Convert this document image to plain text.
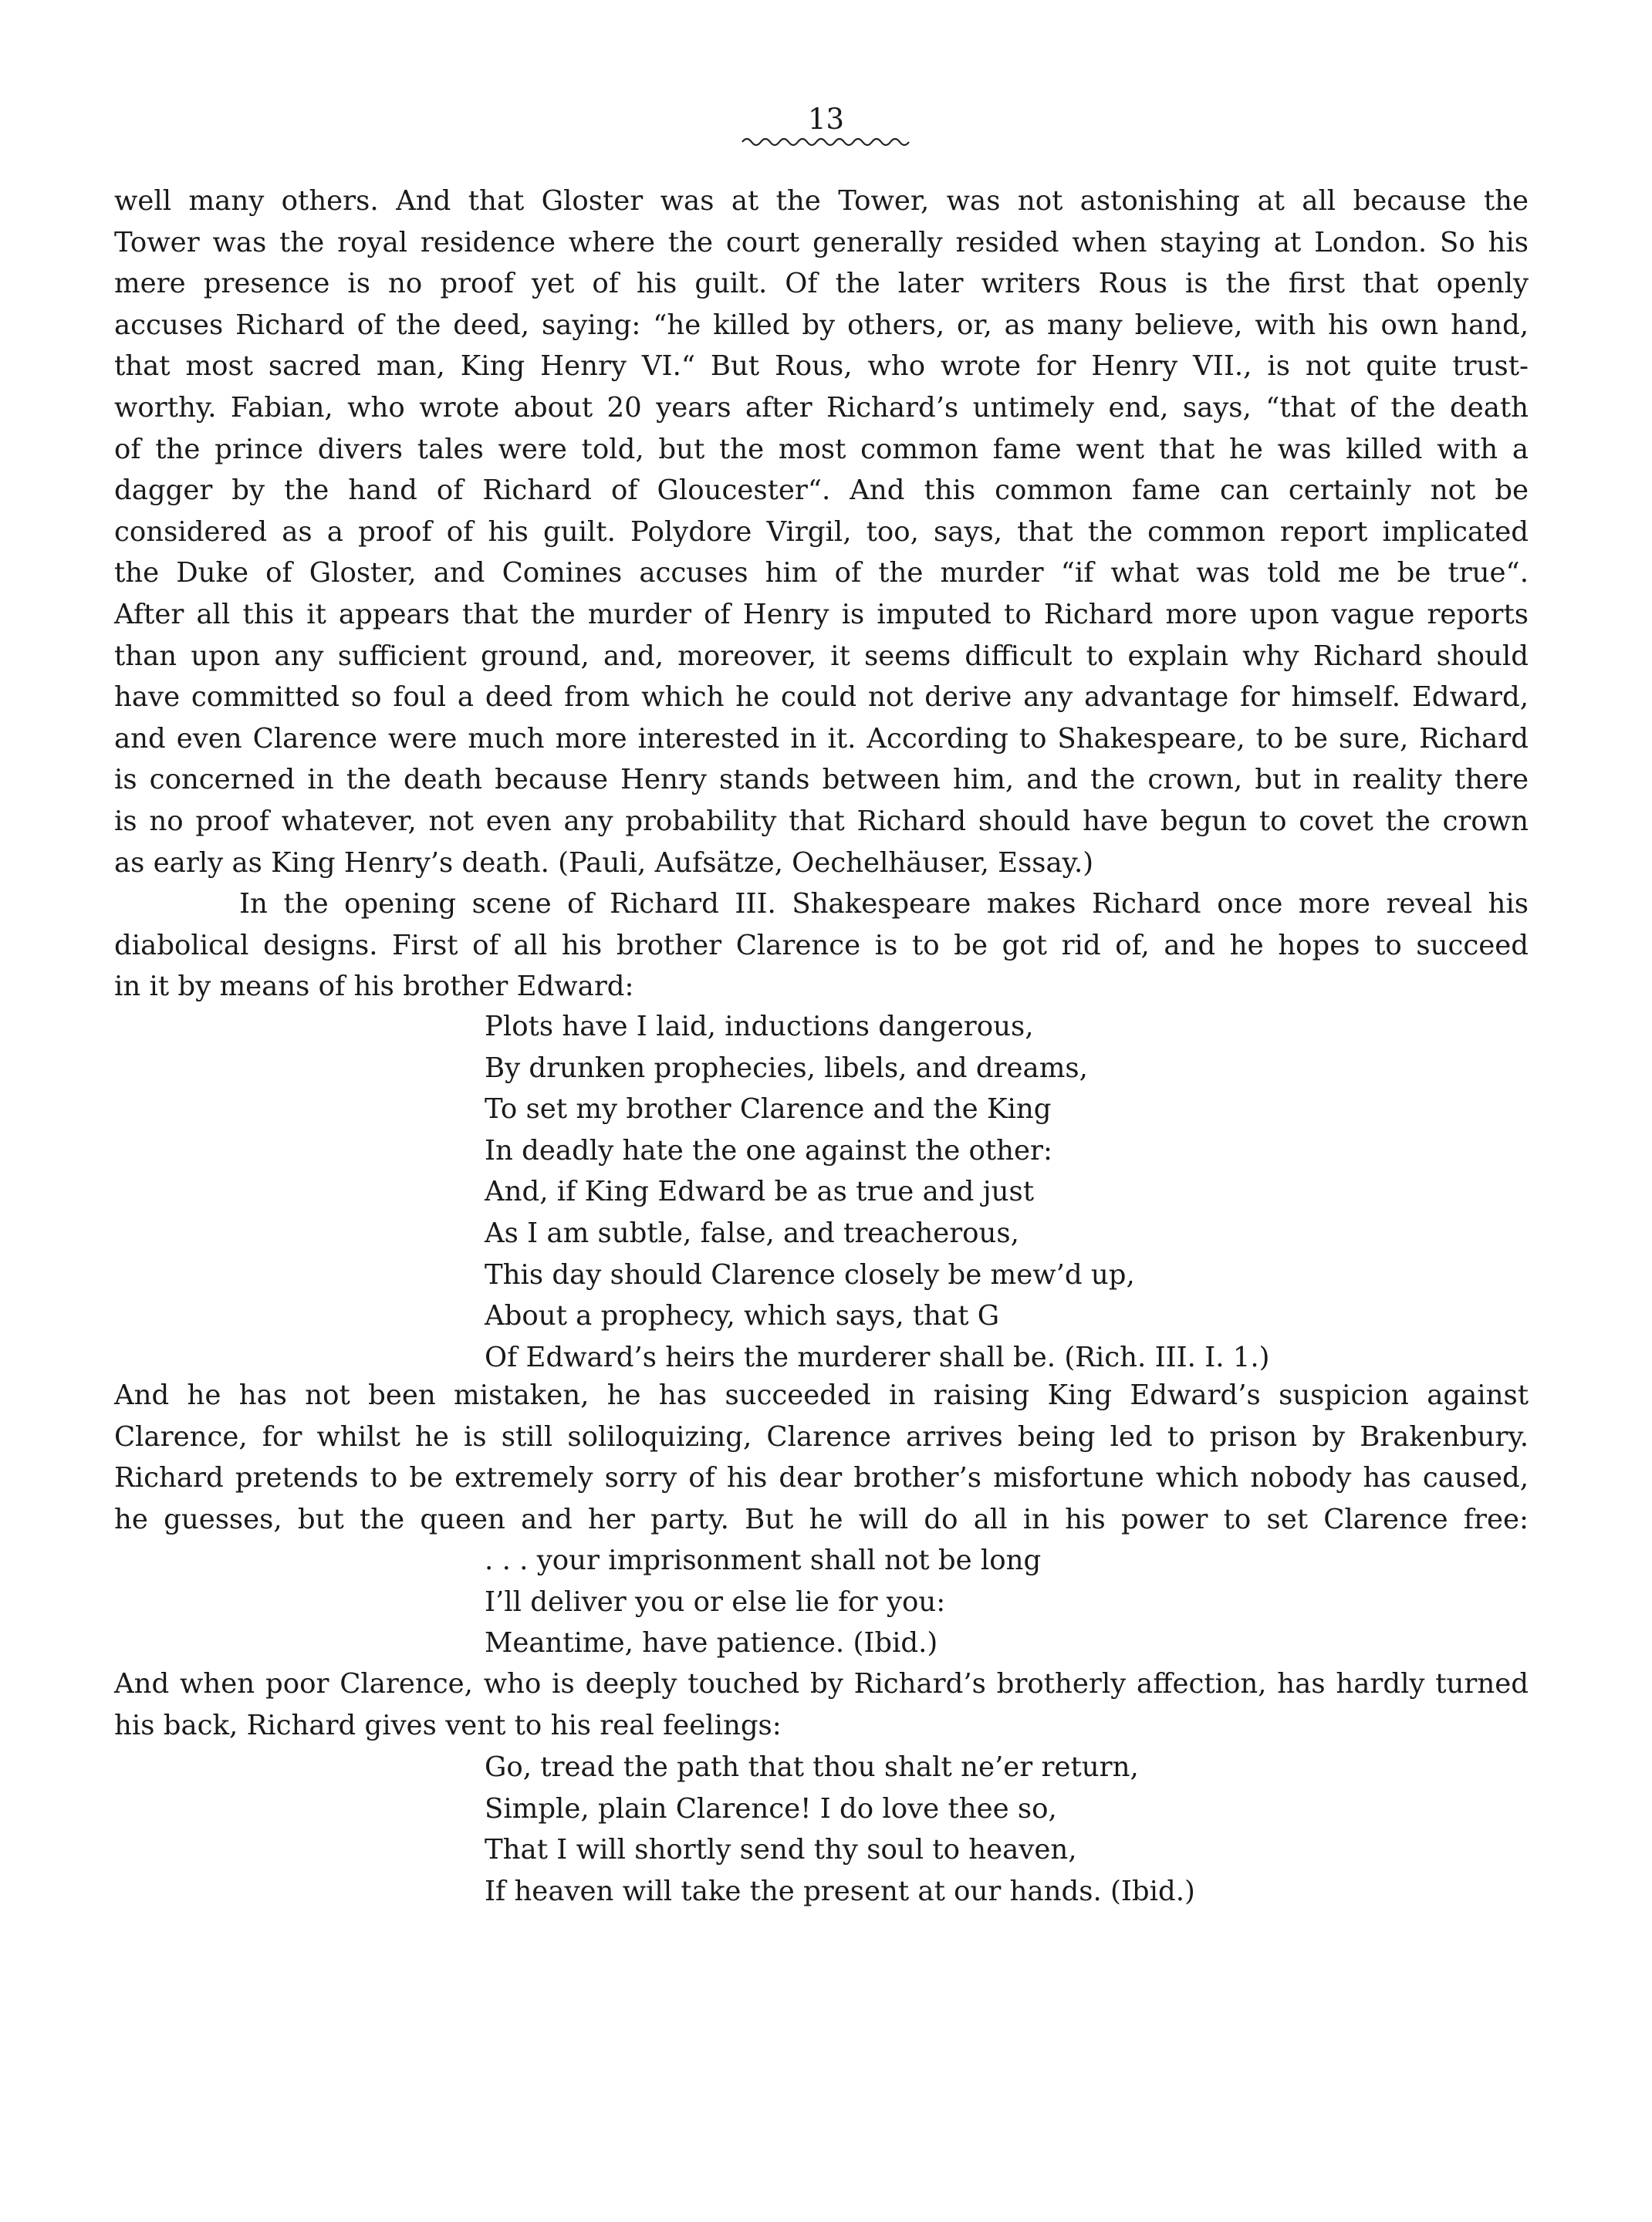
13
well many others. And that Gloster was at the Tower, was not astonishing at all because the
Tower was the royal residence where the court generally resided when staying at London. So his
mere presence is no proof yet of his guilt. Of the later writers Rous is the first that openly
accuses Richard of the deed, saying: “he killed by others, or, as many believe, with his own hand,
that most sacred man, King Henry VI.“ But Rous, who wrote for Henry VII., is not quite trust-
worthy. Fabian, who wrote about 20 years after Richard’s untimely end, says, “that of the death
of the prince divers tales were told, but the most common fame went that he was killed with a
dagger by the hand of Richard of Gloucester“. And this common fame can certainly not be
considered as a proof of his guilt. Polydore Virgil, too, says, that the common report implicated
the Duke of Gloster, and Comines accuses him of the murder “if what was told me be true“.
After all this it appears that the murder of Henry is imputed to Richard more upon vague reports
than upon any sufficient ground, and, moreover, it seems difficult to explain why Richard should
have committed so foul a deed from which he could not derive any advantage for himself. Edward,
and even Clarence were much more interested in it. According to Shakespeare, to be sure, Richard
is concerned in the death because Henry stands between him, and the crown, but in reality there
is no proof whatever, not even any probability that Richard should have begun to covet the crown
as early as King Henry’s death. (Pauli, Aufsätze, Oechelhäuser, Essay.)
In the opening scene of Richard III. Shakespeare makes Richard once more reveal his
diabolical designs. First of all his brother Clarence is to be got rid of, and he hopes to succeed
in it by means of his brother Edward:
Plots have I laid, inductions dangerous,
By drunken prophecies, libels, and dreams,
To set my brother Clarence and the King
In deadly hate the one against the other:
And, if King Edward be as true and just
As I am subtle, false, and treacherous,
This day should Clarence closely be mew’d up,
About a prophecy, which says, that G
Of Edward’s heirs the murderer shall be. (Rich. III. I. 1.)
And he has not been mistaken, he has succeeded in raising King Edward’s suspicion against
Clarence, for whilst he is still soliloquizing, Clarence arrives being led to prison by Brakenbury.
Richard pretends to be extremely sorry of his dear brother’s misfortune which nobody has caused,
he guesses, but the queen and her party. But he will do all in his power to set Clarence free:
. . . your imprisonment shall not be long
I’ll deliver you or else lie for you:
Meantime, have patience. (Ibid.)
And when poor Clarence, who is deeply touched by Richard’s brotherly affection, has hardly turned
his back, Richard gives vent to his real feelings:
Go, tread the path that thou shalt ne’er return,
Simple, plain Clarence! I do love thee so,
That I will shortly send thy soul to heaven,
If heaven will take the present at our hands. (Ibid.)
